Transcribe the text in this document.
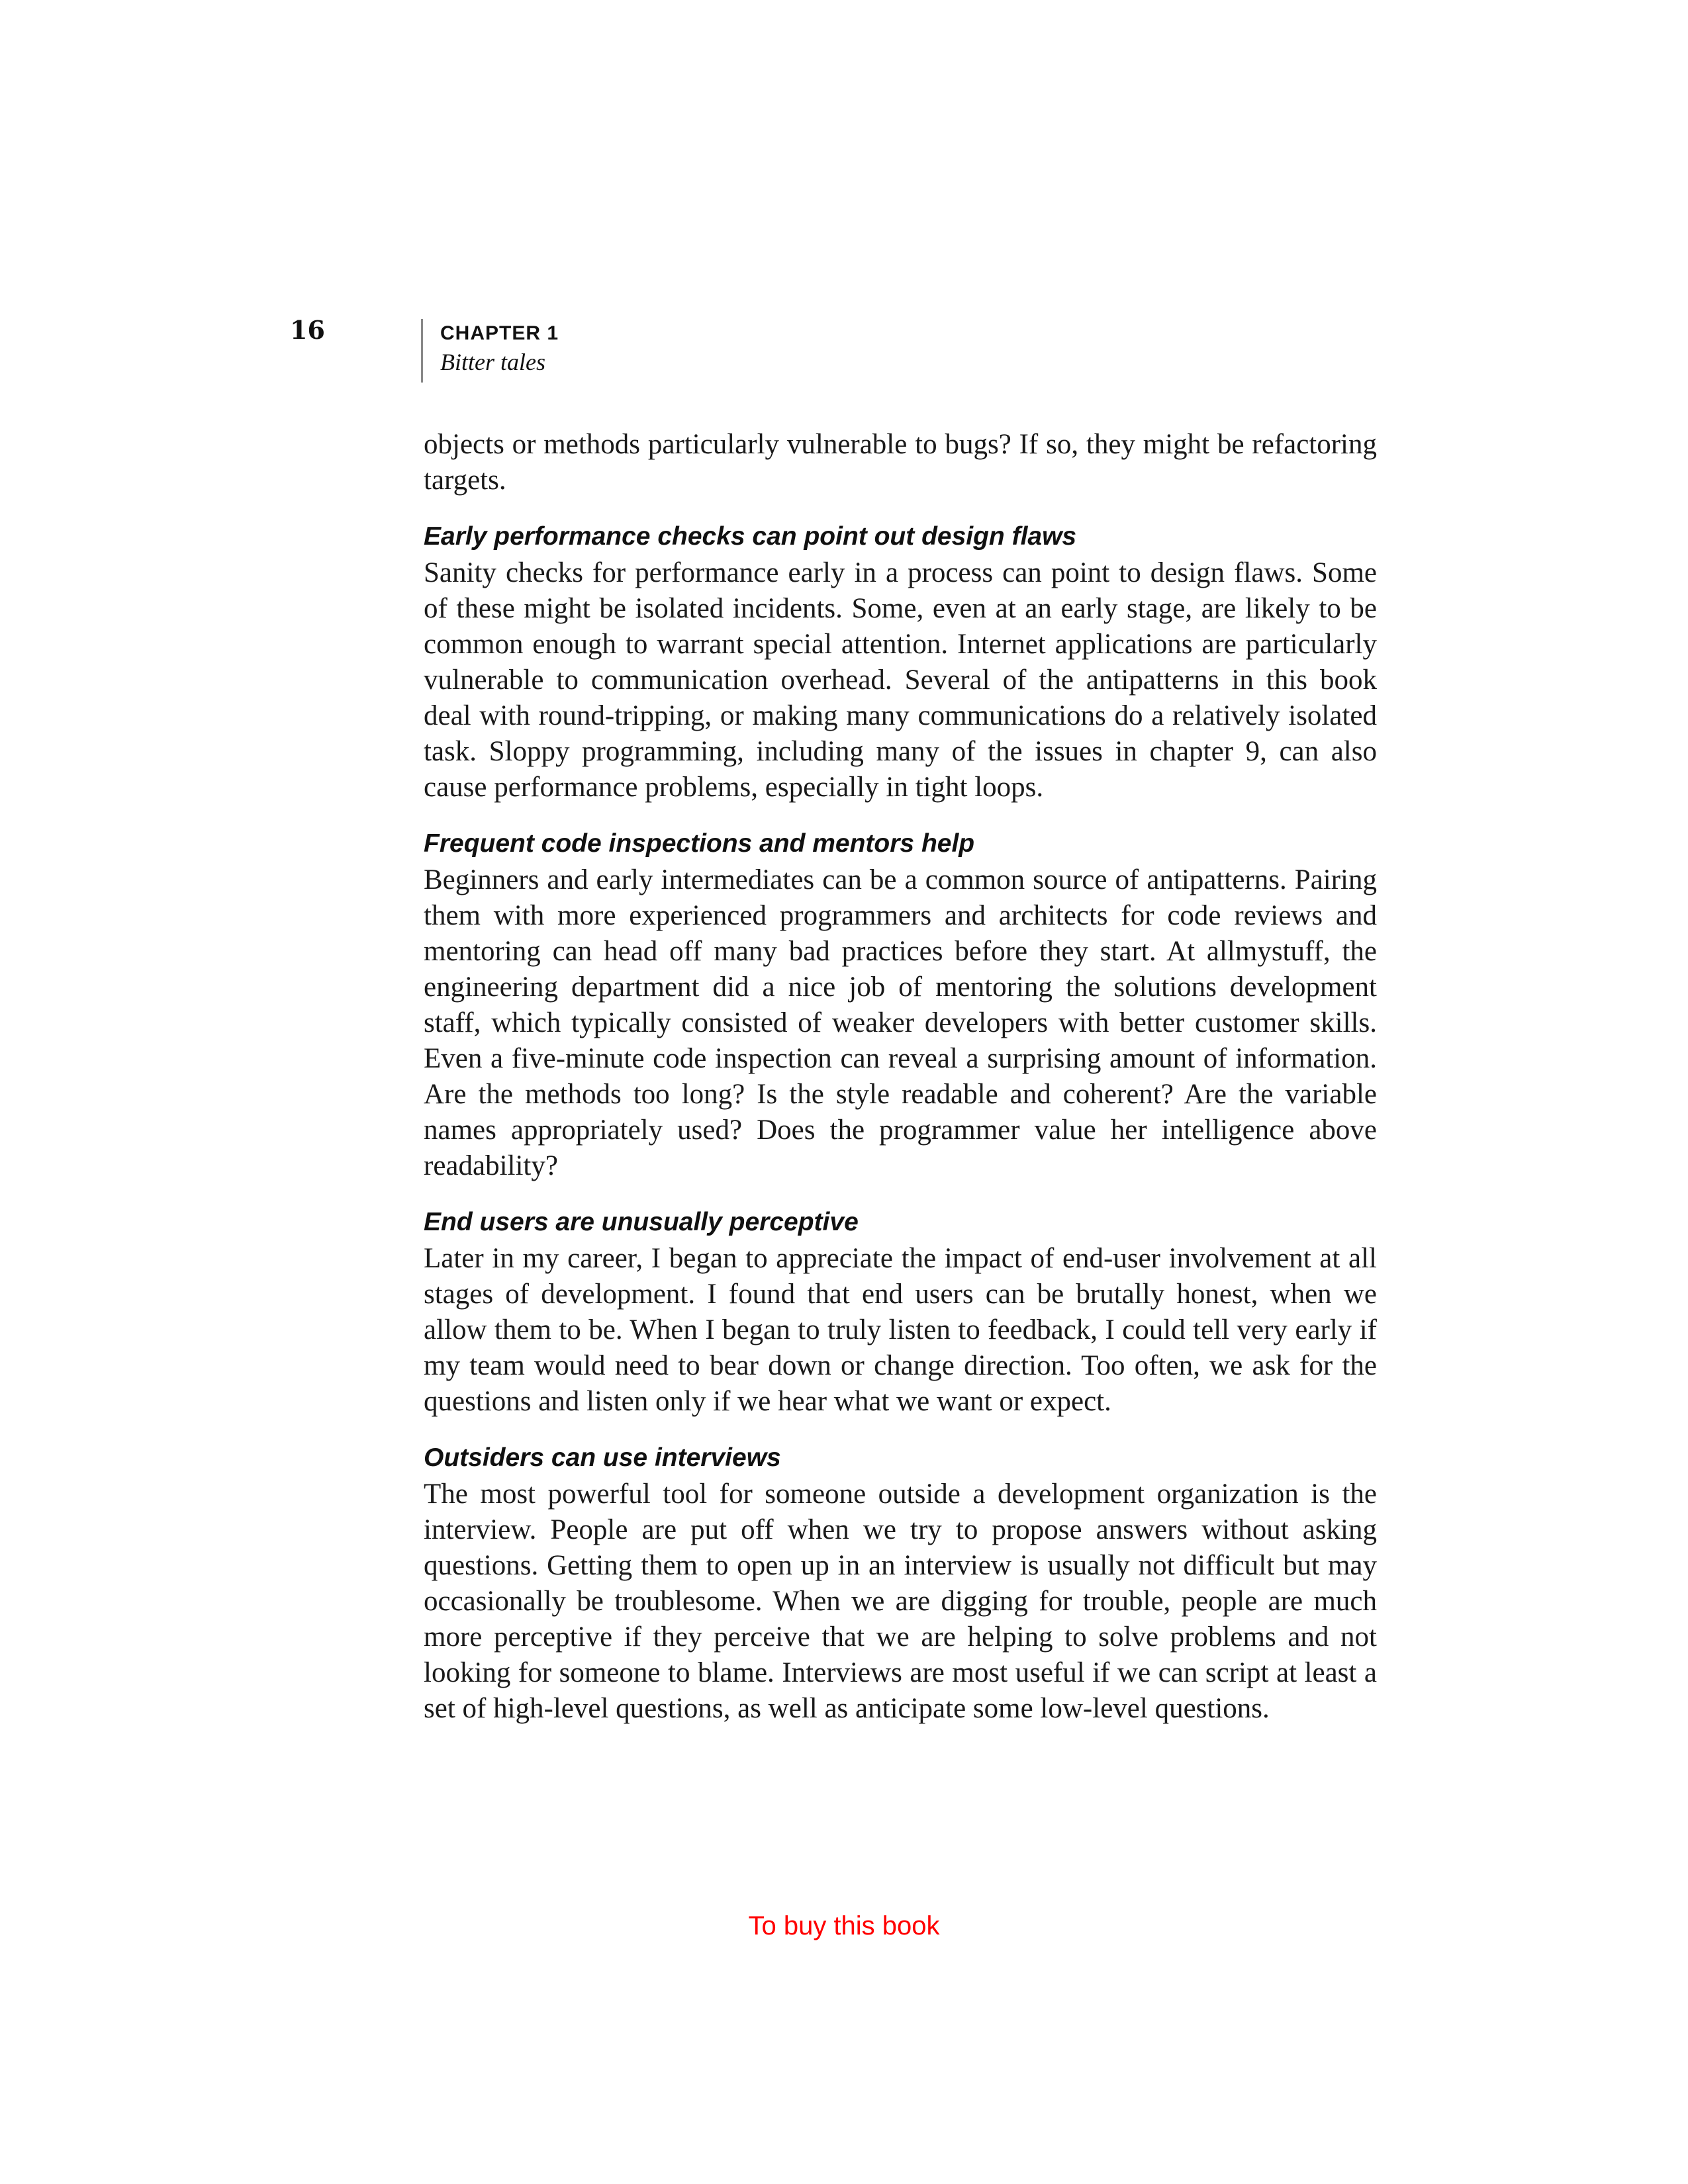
16	CHAPTER 1
Bitter tales

objects or methods particularly vulnerable to bugs? If so, they might be refactoring targets.

Early performance checks can point out design flaws

Sanity checks for performance early in a process can point to design flaws. Some of these might be isolated incidents. Some, even at an early stage, are likely to be common enough to warrant special attention. Internet applications are particularly vulnerable to communication overhead. Several of the antipatterns in this book deal with round-tripping, or making many communications do a relatively isolated task. Sloppy programming, including many of the issues in chapter 9, can also cause performance problems, especially in tight loops.

Frequent code inspections and mentors help

Beginners and early intermediates can be a common source of antipatterns. Pairing them with more experienced programmers and architects for code reviews and mentoring can head off many bad practices before they start. At allmystuff, the engineering department did a nice job of mentoring the solutions development staff, which typically consisted of weaker developers with better customer skills. Even a five-minute code inspection can reveal a surprising amount of information. Are the methods too long? Is the style readable and coherent? Are the variable names appropriately used? Does the programmer value her intelligence above readability?

End users are unusually perceptive

Later in my career, I began to appreciate the impact of end-user involvement at all stages of development. I found that end users can be brutally honest, when we allow them to be. When I began to truly listen to feedback, I could tell very early if my team would need to bear down or change direction. Too often, we ask for the questions and listen only if we hear what we want or expect.

Outsiders can use interviews

The most powerful tool for someone outside a development organization is the interview. People are put off when we try to propose answers without asking questions. Getting them to open up in an interview is usually not difficult but may occasionally be troublesome. When we are digging for trouble, people are much more perceptive if they perceive that we are helping to solve problems and not looking for someone to blame. Interviews are most useful if we can script at least a set of high-level questions, as well as anticipate some low-level questions.

To buy this book
